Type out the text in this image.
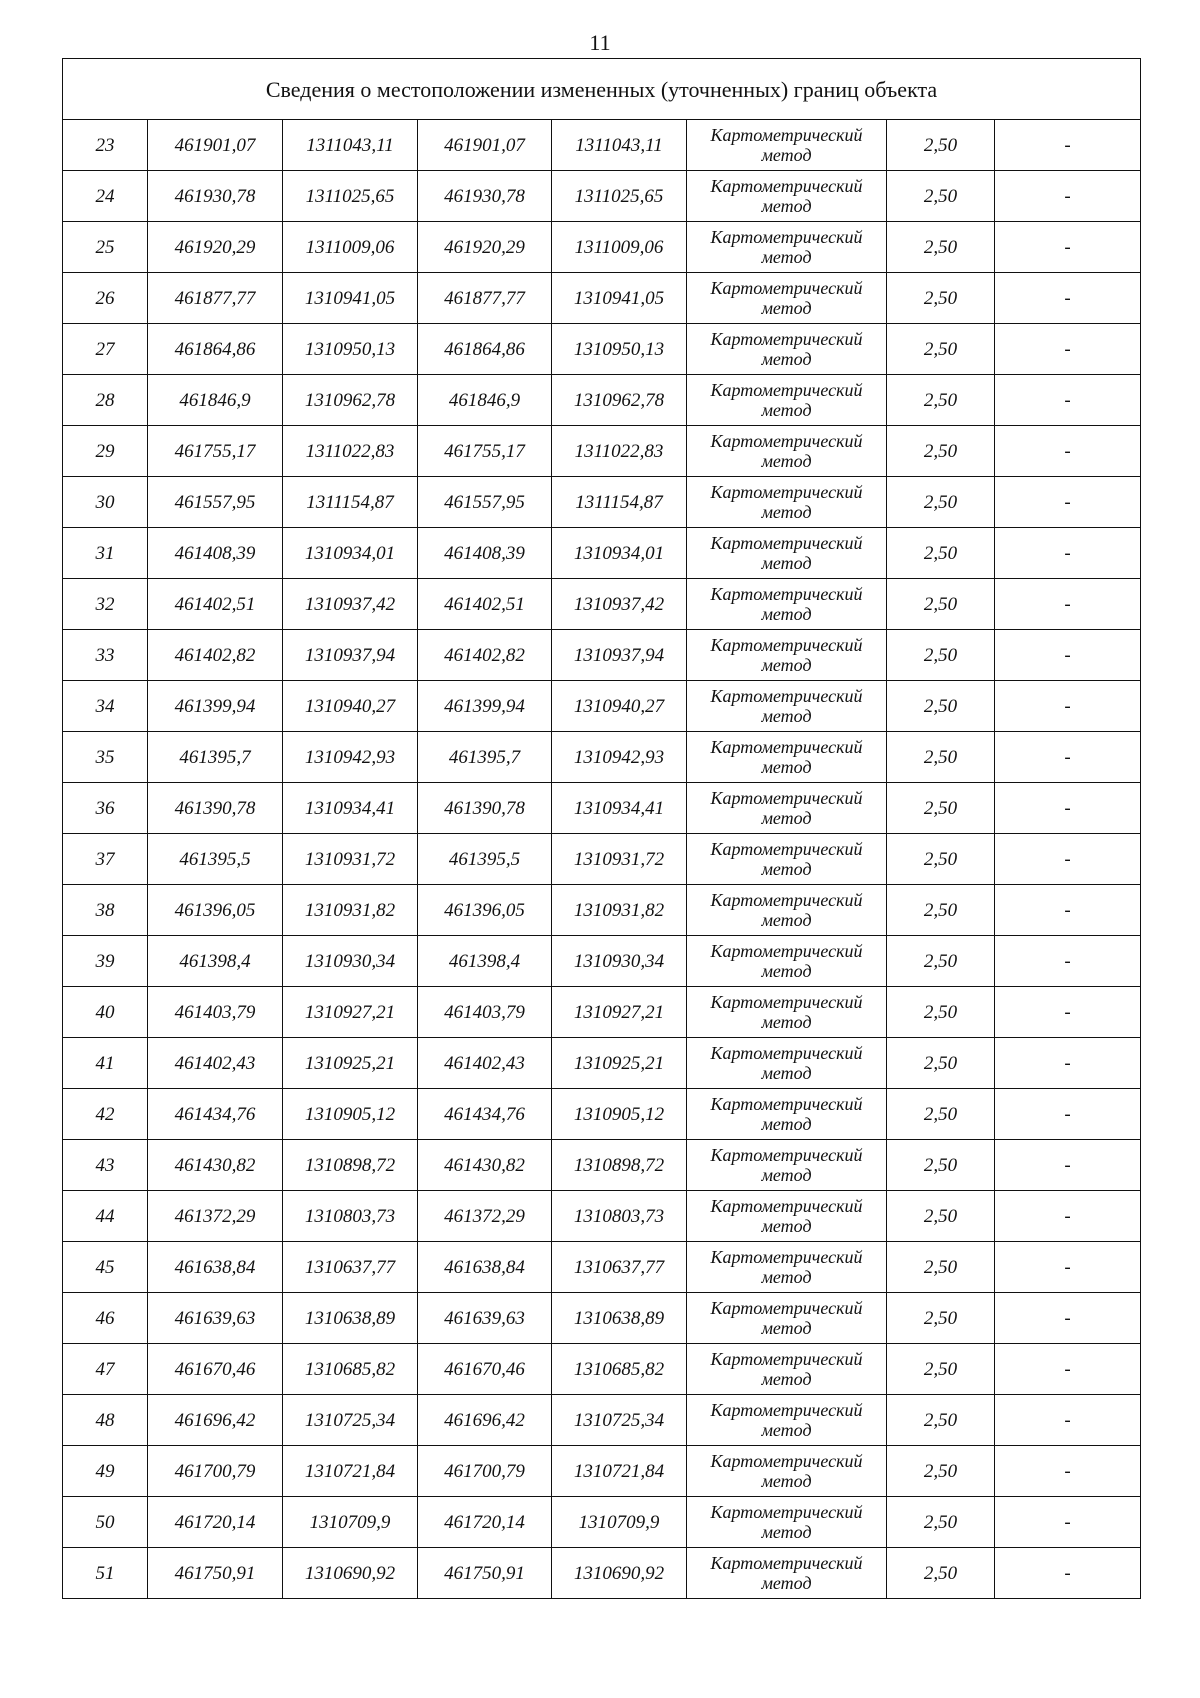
11
Сведения о местоположении измененных (уточненных) границ объекта							
23	461901,07	1311043,11	461901,07	1311043,11	Картометрический метод	2,50	-
24	461930,78	1311025,65	461930,78	1311025,65	Картометрический метод	2,50	-
25	461920,29	1311009,06	461920,29	1311009,06	Картометрический метод	2,50	-
26	461877,77	1310941,05	461877,77	1310941,05	Картометрический метод	2,50	-
27	461864,86	1310950,13	461864,86	1310950,13	Картометрический метод	2,50	-
28	461846,9	1310962,78	461846,9	1310962,78	Картометрический метод	2,50	-
29	461755,17	1311022,83	461755,17	1311022,83	Картометрический метод	2,50	-
30	461557,95	1311154,87	461557,95	1311154,87	Картометрический метод	2,50	-
31	461408,39	1310934,01	461408,39	1310934,01	Картометрический метод	2,50	-
32	461402,51	1310937,42	461402,51	1310937,42	Картометрический метод	2,50	-
33	461402,82	1310937,94	461402,82	1310937,94	Картометрический метод	2,50	-
34	461399,94	1310940,27	461399,94	1310940,27	Картометрический метод	2,50	-
35	461395,7	1310942,93	461395,7	1310942,93	Картометрический метод	2,50	-
36	461390,78	1310934,41	461390,78	1310934,41	Картометрический метод	2,50	-
37	461395,5	1310931,72	461395,5	1310931,72	Картометрический метод	2,50	-
38	461396,05	1310931,82	461396,05	1310931,82	Картометрический метод	2,50	-
39	461398,4	1310930,34	461398,4	1310930,34	Картометрический метод	2,50	-
40	461403,79	1310927,21	461403,79	1310927,21	Картометрический метод	2,50	-
41	461402,43	1310925,21	461402,43	1310925,21	Картометрический метод	2,50	-
42	461434,76	1310905,12	461434,76	1310905,12	Картометрический метод	2,50	-
43	461430,82	1310898,72	461430,82	1310898,72	Картометрический метод	2,50	-
44	461372,29	1310803,73	461372,29	1310803,73	Картометрический метод	2,50	-
45	461638,84	1310637,77	461638,84	1310637,77	Картометрический метод	2,50	-
46	461639,63	1310638,89	461639,63	1310638,89	Картометрический метод	2,50	-
47	461670,46	1310685,82	461670,46	1310685,82	Картометрический метод	2,50	-
48	461696,42	1310725,34	461696,42	1310725,34	Картометрический метод	2,50	-
49	461700,79	1310721,84	461700,79	1310721,84	Картометрический метод	2,50	-
50	461720,14	1310709,9	461720,14	1310709,9	Картометрический метод	2,50	-
51	461750,91	1310690,92	461750,91	1310690,92	Картометрический метод	2,50	-
